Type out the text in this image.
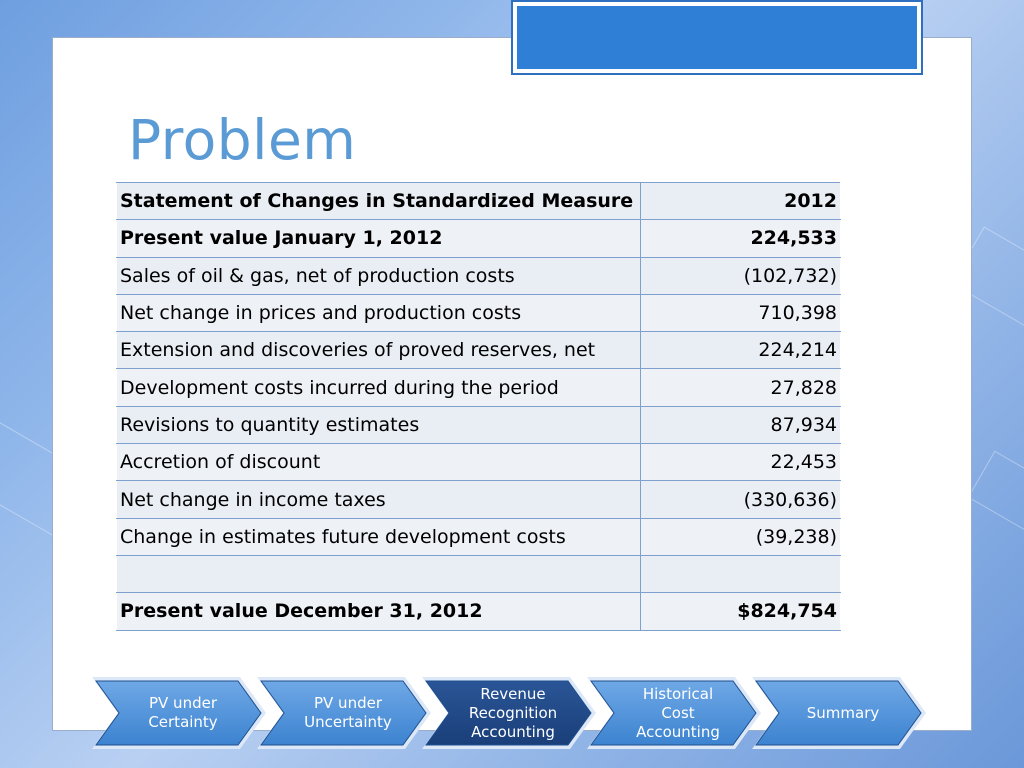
Problem
Statement of Changes in Standardized Measure	2012
Present value January 1, 2012	224,533
Sales of oil & gas, net of production costs	(102,732)
Net change in prices and production costs	710,398
Extension and discoveries of proved reserves, net	224,214
Development costs incurred during the period	27,828
Revisions to quantity estimates	87,934
Accretion of discount	22,453
Net change in income taxes	(330,636)
Change in estimates future development costs	(39,238)

Present value December 31, 2012	$824,754
PV under
Certainty
PV under
Uncertainty
Revenue
Recognition
Accounting
Historical
Cost
Accounting
Summary
